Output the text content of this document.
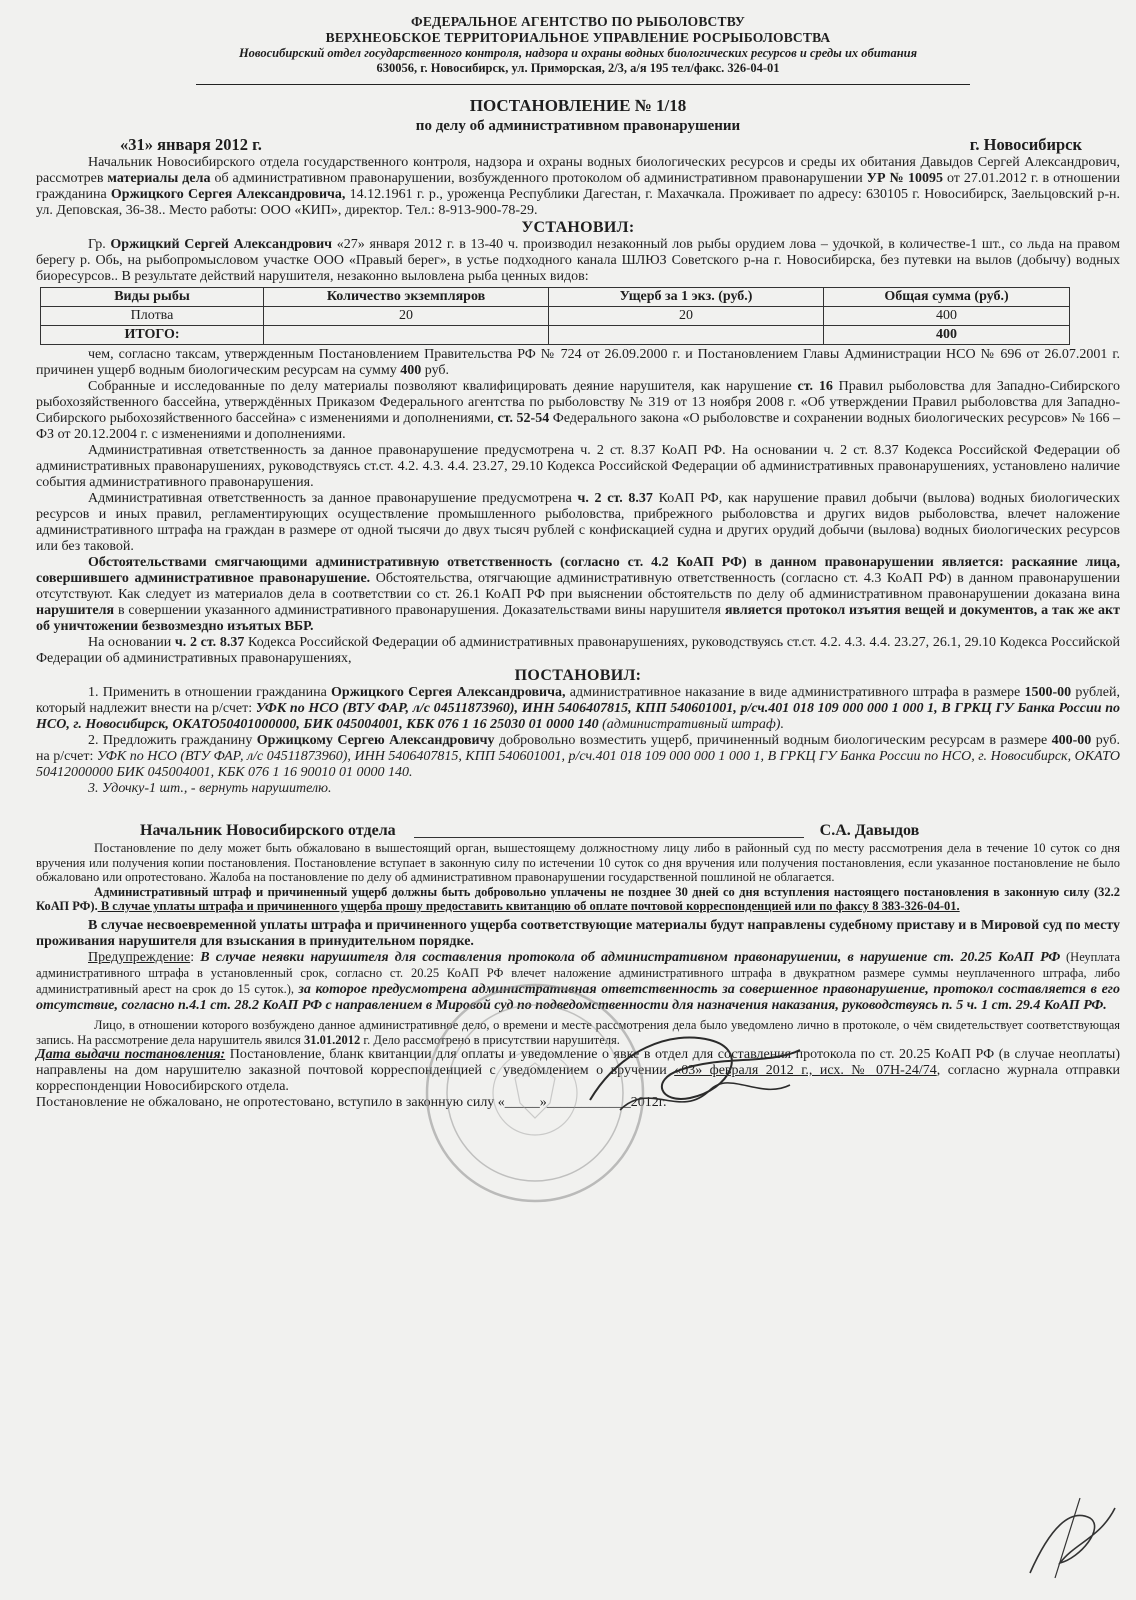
ФЕДЕРАЛЬНОЕ АГЕНТСТВО ПО РЫБОЛОВСТВУ
ВЕРХНЕОБСКОЕ ТЕРРИТОРИАЛЬНОЕ УПРАВЛЕНИЕ РОСРЫБОЛОВСТВА
Новосибирский отдел государственного контроля, надзора и охраны водных биологических ресурсов и среды их обитания
630056, г. Новосибирск, ул. Приморская, 2/3, а/я 195 тел/факс. 326-04-01
ПОСТАНОВЛЕНИЕ № 1/18
по делу об административном правонарушении
«31» января 2012 г.	г. Новосибирск

Начальник Новосибирского отдела государственного контроля, надзора и охраны водных биологических ресурсов и среды их обитания Давыдов Сергей Александрович, рассмотрев материалы дела об административном правонарушении, возбужденного протоколом об административном правонарушении УР № 10095 от 27.01.2012 г. в отношении гражданина Оржицкого Сергея Александровича, 14.12.1961 г. р., уроженца Республики Дагестан, г. Махачкала. Проживает по адресу: 630105 г. Новосибирск, Заельцовский р-н. ул. Деповская, 36-38.. Место работы: ООО «КИП», директор. Тел.: 8-913-900-78-29.

УСТАНОВИЛ:

Гр. Оржицкий Сергей Александрович «27» января 2012 г. в 13-40 ч. производил незаконный лов рыбы орудием лова – удочкой, в количестве-1 шт., со льда на правом берегу р. Обь, на рыбопромысловом участке ООО «Правый берег», в устье подходного канала ШЛЮЗ Советского р-на г. Новосибирска, без путевки на вылов (добычу) водных биоресурсов.. В результате действий нарушителя, незаконно выловлена рыба ценных видов:

Виды рыбы	Количество экземпляров	Ущерб за 1 экз. (руб.)	Общая сумма (руб.)
Плотва	20	20	400
ИТОГО:			400

чем, согласно таксам, утвержденным Постановлением Правительства РФ № 724 от 26.09.2000 г. и Постановлением Главы Администрации НСО № 696 от 26.07.2001 г. причинен ущерб водным биологическим ресурсам на сумму 400 руб.

Собранные и исследованные по делу материалы позволяют квалифицировать деяние нарушителя, как нарушение ст. 16 Правил рыболовства для Западно-Сибирского рыбохозяйственного бассейна, утверждённых Приказом Федерального агентства по рыболовству № 319 от 13 ноября 2008 г. «Об утверждении Правил рыболовства для Западно-Сибирского рыбохозяйственного бассейна» с изменениями и дополнениями, ст. 52-54 Федерального закона «О рыболовстве и сохранении водных биологических ресурсов» № 166 –ФЗ от 20.12.2004 г. с изменениями и дополнениями.

Административная ответственность за данное правонарушение предусмотрена ч. 2 ст. 8.37 КоАП РФ. На основании ч. 2 ст. 8.37 Кодекса Российской Федерации об административных правонарушениях, руководствуясь ст.ст. 4.2. 4.3. 4.4. 23.27, 29.10 Кодекса Российской Федерации об административных правонарушениях, установлено наличие события административного правонарушения.

Административная ответственность за данное правонарушение предусмотрена ч. 2 ст. 8.37 КоАП РФ, как нарушение правил добычи (вылова) водных биологических ресурсов и иных правил, регламентирующих осуществление промышленного рыболовства, прибрежного рыболовства и других видов рыболовства, влечет наложение административного штрафа на граждан в размере от одной тысячи до двух тысяч рублей с конфискацией судна и других орудий добычи (вылова) водных биологических ресурсов или без таковой.

Обстоятельствами смягчающими административную ответственность (согласно ст. 4.2 КоАП РФ) в данном правонарушении является: раскаяние лица, совершившего административное правонарушение. Обстоятельства, отягчающие административную ответственность (согласно ст. 4.3 КоАП РФ) в данном правонарушении отсутствуют. Как следует из материалов дела в соответствии со ст. 26.1 КоАП РФ при выяснении обстоятельств по делу об административном правонарушении доказана вина нарушителя в совершении указанного административного правонарушения. Доказательствами вины нарушителя является протокол изъятия вещей и документов, а так же акт об уничтожении безвозмездно изъятых ВБР.

На основании ч. 2 ст. 8.37 Кодекса Российской Федерации об административных правонарушениях, руководствуясь ст.ст. 4.2. 4.3. 4.4. 23.27, 26.1, 29.10 Кодекса Российской Федерации об административных правонарушениях,

ПОСТАНОВИЛ:

1. Применить в отношении гражданина Оржицкого Сергея Александровича, административное наказание в виде административного штрафа в размере 1500-00 рублей, который надлежит внести на р/счет: УФК по НСО (ВТУ ФАР, л/с 04511873960), ИНН 5406407815, КПП 540601001, р/сч.401 018 109 000 000 1 000 1, В ГРКЦ ГУ Банка России по НСО, г. Новосибирск, ОКАТО50401000000, БИК 045004001, КБК 076 1 16 25030 01 0000 140 (административный штраф).

2. Предложить гражданину Оржицкому Сергею Александровичу добровольно возместить ущерб, причиненный водным биологическим ресурсам в размере 400-00 руб. на р/счет: УФК по НСО (ВТУ ФАР, л/с 04511873960), ИНН 5406407815, КПП 540601001, р/сч.401 018 109 000 000 1 000 1, В ГРКЦ ГУ Банка России по НСО, г. Новосибирск, ОКАТО 50412000000 БИК 045004001, КБК 076 1 16 90010 01 0000 140.

3. Удочку-1 шт., - вернуть нарушителю.

Начальник Новосибирского отдела	С.А. Давыдов

Постановление по делу может быть обжаловано в вышестоящий орган, вышестоящему должностному лицу либо в районный суд по месту рассмотрения дела в течение 10 суток со дня вручения или получения копии постановления. Постановление вступает в законную силу по истечении 10 суток со дня вручения или получения постановления, если указанное постановление не было обжаловано или опротестовано. Жалоба на постановление по делу об административном правонарушении государственной пошлиной не облагается.

Административный штраф и причиненный ущерб должны быть добровольно уплачены не позднее 30 дней со дня вступления настоящего постановления в законную силу (32.2 КоАП РФ). В случае уплаты штрафа и причиненного ущерба прошу предоставить квитанцию об оплате почтовой корреспонденцией или по факсу 8 383-326-04-01.

В случае несвоевременной уплаты штрафа и причиненного ущерба соответствующие материалы будут направлены судебному приставу и в Мировой суд по месту проживания нарушителя для взыскания в принудительном порядке.

Предупреждение: В случае неявки нарушителя для составления протокола об административном правонарушении, в нарушение ст. 20.25 КоАП РФ (Неуплата административного штрафа в установленный срок, согласно ст. 20.25 КоАП РФ влечет наложение административного штрафа в двукратном размере суммы неуплаченного штрафа, либо административный арест на срок до 15 суток.), за которое предусмотрена административная ответственность за совершенное правонарушение, протокол составляется в его отсутствие, согласно п.4.1 ст. 28.2 КоАП РФ с направлением в Мировой суд по подведомственности для назначения наказания, руководствуясь п. 5 ч. 1 ст. 29.4 КоАП РФ.

Лицо, в отношении которого возбуждено данное административное дело, о времени и месте рассмотрения дела было уведомлено лично в протоколе, о чём свидетельствует соответствующая запись. На рассмотрение дела нарушитель явился 31.01.2012 г. Дело рассмотрено в присутствии нарушителя.

Дата выдачи постановления: Постановление, бланк квитанции для оплаты и уведомление о явке в отдел для составления протокола по ст. 20.25 КоАП РФ (в случае неоплаты) направлены на дом нарушителю заказной почтовой корреспонденцией с уведомлением о вручении «03» февраля 2012 г., исх. № 07Н-24/74, согласно журнала отправки корреспонденции Новосибирского отдела.

Постановление не обжаловано, не опротестовано, вступило в законную силу «_____»____________2012г.
